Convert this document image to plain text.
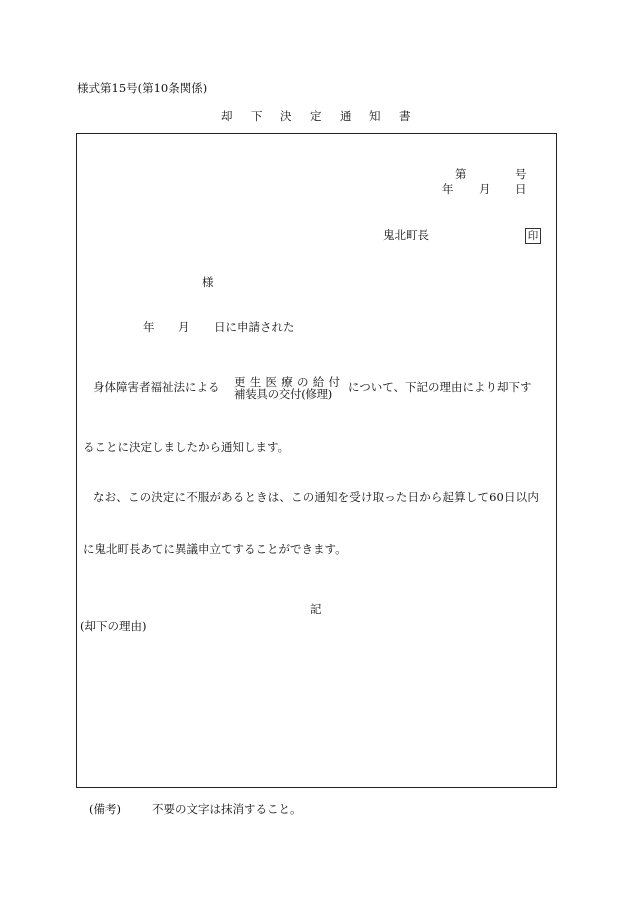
様式第15号(第10条関係)
却 下 決 定 通 知 書
第	号
年 月 日
鬼北町長	印
様
年 月 日に申請された
身体障害者福祉法による 更 生 医 療 の 給 付
補装具の交付(修理)	について、下記の理由により却下す
ることに決定しましたから通知します。
なお、この決定に不服があるときは、この通知を受け取った日から起算して60日以内
に鬼北町長あてに異議申立てすることができます。
記
(却下の理由)
(備考)	不要の文字は抹消すること。
